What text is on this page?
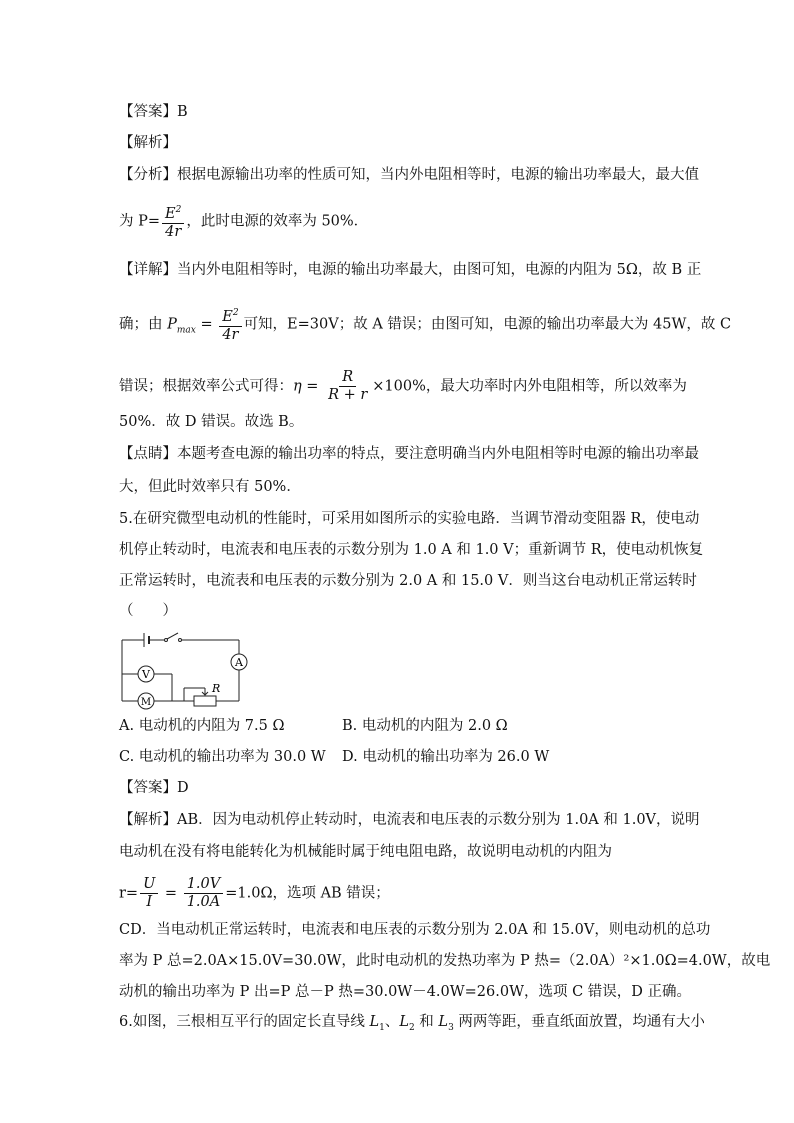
【答案】B
【解析】
【分析】根据电源输出功率的性质可知，当内外电阻相等时，电源的输出功率最大，最大值
为 $P= \frac{E^2}{4r}$ ，此时电源的效率为 50%．
【详解】当内外电阻相等时，电源的输出功率最大，由图可知，电源的内阻为 5Ω，故 B 正
确；由 $P_{max} = \frac{E^2}{4r}$ 可知，E=30V；故 A 错误；由图可知，电源的输出功率最大为 45W，故 C
错误；根据效率公式可得：$\eta = \frac{R}{R + r} \times 100\%$，最大功率时内外电阻相等，所以效率为
50%．故 D 错误。故选 B。
【点睛】本题考查电源的输出功率的特点，要注意明确当内外电阻相等时电源的输出功率最
大，但此时效率只有 50%．
5.在研究微型电动机的性能时，可采用如图所示的实验电路．当调节滑动变阻器 R，使电动
机停止转动时，电流表和电压表的示数分别为 1.0 A 和 1.0 V；重新调节 R，使电动机恢复
正常运转时，电流表和电压表的示数分别为 2.0 A 和 15.0 V．则当这台电动机正常运转时
（　　）
A
V
M
R
A. 电动机的内阻为 7.5 Ω	B. 电动机的内阻为 2.0 Ω
C. 电动机的输出功率为 30.0 W D. 电动机的输出功率为 26.0 W
【答案】D
【解析】AB．因为电动机停止转动时，电流表和电压表的示数分别为 1.0A 和 1.0V，说明
电动机在没有将电能转化为机械能时属于纯电阻电路，故说明电动机的内阻为
$r= \frac{U}{I} = \frac{1.0V}{1.0A} =1.0\Omega$，选项 AB 错误；
CD．当电动机正常运转时，电流表和电压表的示数分别为 2.0A 和 15.0V，则电动机的总功
率为 P 总=2.0A×15.0V=30.0W，此时电动机的发热功率为 P 热=（2.0A）²×1.0Ω=4.0W，故电
动机的输出功率为 P 出=P 总－P 热=30.0W－4.0W=26.0W，选项 C 错误，D 正确。
6.如图，三根相互平行的固定长直导线 $L_1$、$L_2$ 和 $L_3$ 两两等距，垂直纸面放置，均通有大小
